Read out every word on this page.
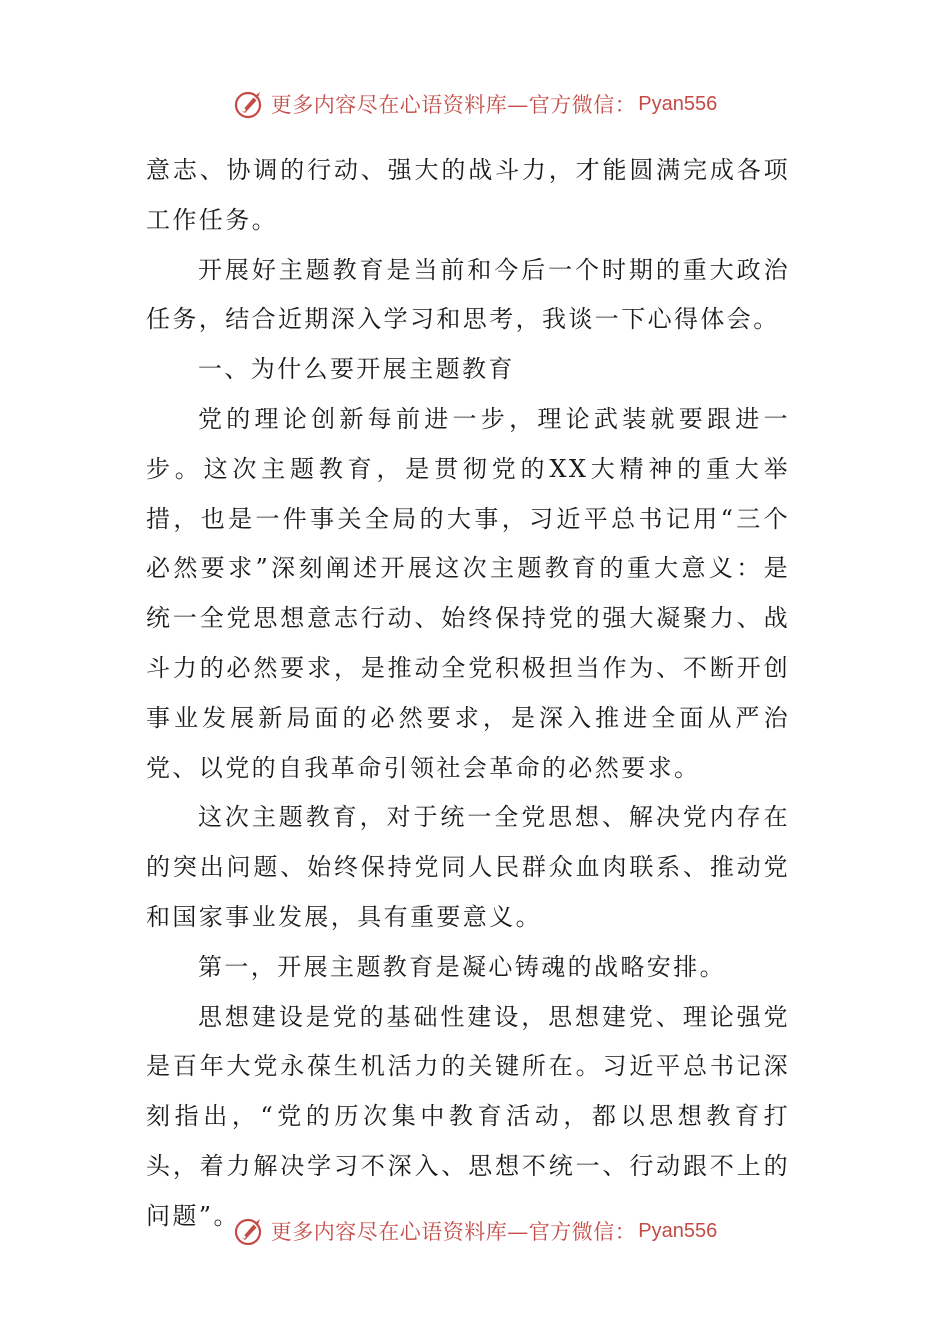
更多内容尽在心语资料库—官方微信： Pyan556

意志、协调的行动、强大的战斗力，才能圆满完成各项工作任务。

开展好主题教育是当前和今后一个时期的重大政治任务，结合近期深入学习和思考，我谈一下心得体会。

一、为什么要开展主题教育

党的理论创新每前进一步，理论武装就要跟进一步。这次主题教育，是贯彻党的XX大精神的重大举措，也是一件事关全局的大事，习近平总书记用“三个必然要求”深刻阐述开展这次主题教育的重大意义：是统一全党思想意志行动、始终保持党的强大凝聚力、战斗力的必然要求，是推动全党积极担当作为、不断开创事业发展新局面的必然要求，是深入推进全面从严治党、以党的自我革命引领社会革命的必然要求。

这次主题教育，对于统一全党思想、解决党内存在的突出问题、始终保持党同人民群众血肉联系、推动党和国家事业发展，具有重要意义。

第一，开展主题教育是凝心铸魂的战略安排。

思想建设是党的基础性建设，思想建党、理论强党是百年大党永葆生机活力的关键所在。习近平总书记深刻指出，“党的历次集中教育活动，都以思想教育打头，着力解决学习不深入、思想不统一、行动跟不上的问题”。

更多内容尽在心语资料库—官方微信： Pyan556
